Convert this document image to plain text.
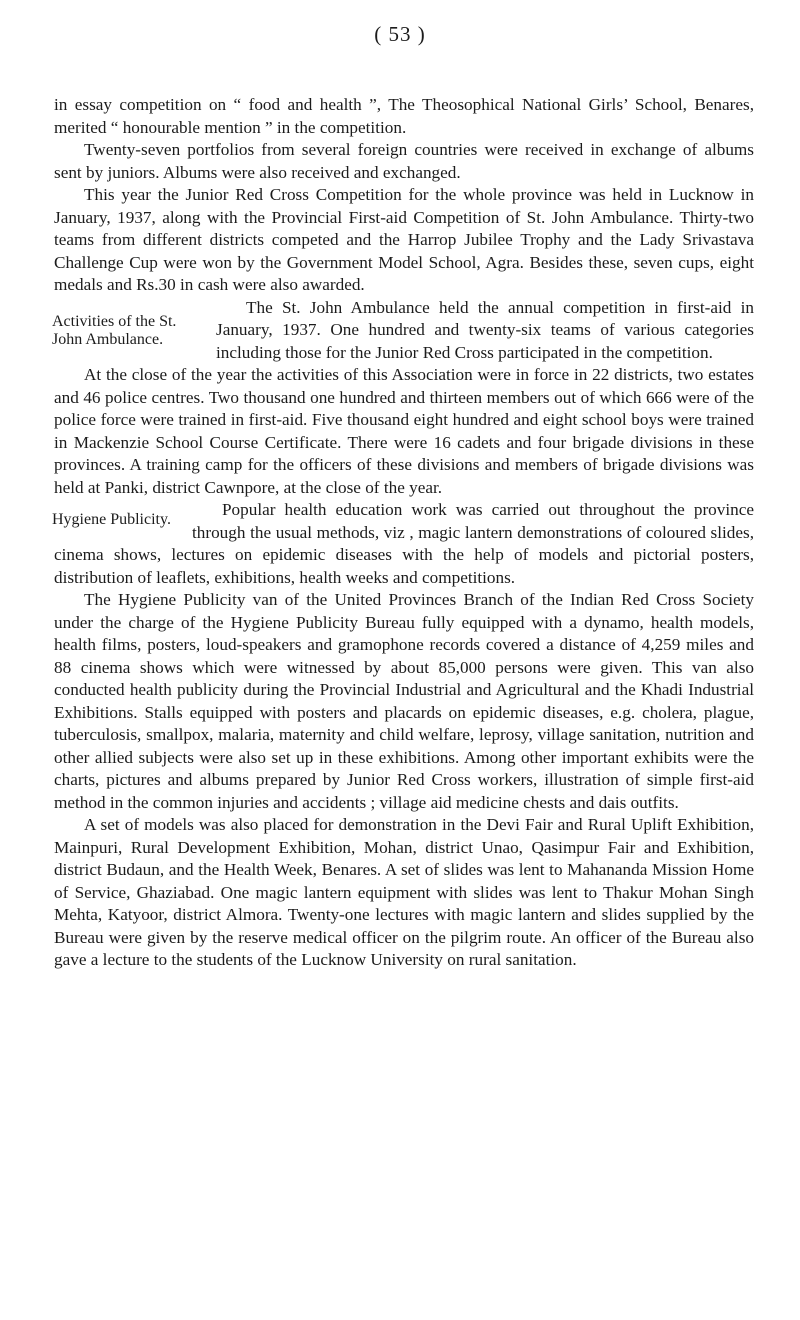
( 53 )

in essay competition on “ food and health ”, The Theosophical National Girls’ School, Benares, merited “ honourable mention ” in the competition.

Twenty-seven portfolios from several foreign countries were received in exchange of albums sent by juniors. Albums were also received and exchanged.

This year the Junior Red Cross Competition for the whole province was held in Lucknow in January, 1937, along with the Provincial First-aid Competition of St. John Ambulance. Thirty-two teams from different districts competed and the Harrop Jubilee Trophy and the Lady Srivastava Challenge Cup were won by the Government Model School, Agra. Besides these, seven cups, eight medals and Rs.30 in cash were also awarded.

Activities of the St. John Ambulance.

The St. John Ambulance held the annual competition in first-aid in January, 1937. One hundred and twenty-six teams of various categories including those for the Junior Red Cross participated in the competition.

At the close of the year the activities of this Association were in force in 22 districts, two estates and 46 police centres. Two thousand one hundred and thirteen members out of which 666 were of the police force were trained in first-aid. Five thousand eight hundred and eight school boys were trained in Mackenzie School Course Certificate. There were 16 cadets and four brigade divisions in these provinces. A training camp for the officers of these divisions and members of brigade divisions was held at Panki, district Cawnpore, at the close of the year.

Hygiene Publicity.

Popular health education work was carried out throughout the province through the usual methods, viz , magic lantern demonstrations of coloured slides, cinema shows, lectures on epidemic diseases with the help of models and pictorial posters, distribution of leaflets, exhibitions, health weeks and competitions.

The Hygiene Publicity van of the United Provinces Branch of the Indian Red Cross Society under the charge of the Hygiene Publicity Bureau fully equipped with a dynamo, health models, health films, posters, loud-speakers and gramophone records covered a distance of 4,259 miles and 88 cinema shows which were witnessed by about 85,000 persons were given. This van also conducted health publicity during the Provincial Industrial and Agricultural and the Khadi Industrial Exhibitions. Stalls equipped with posters and placards on epidemic diseases, e.g. cholera, plague, tuberculosis, smallpox, malaria, maternity and child welfare, leprosy, village sanitation, nutrition and other allied subjects were also set up in these exhibitions. Among other important exhibits were the charts, pictures and albums prepared by Junior Red Cross workers, illustration of simple first-aid method in the common injuries and accidents ; village aid medicine chests and dais outfits.

A set of models was also placed for demonstration in the Devi Fair and Rural Uplift Exhibition, Mainpuri, Rural Development Exhibition, Mohan, district Unao, Qasimpur Fair and Exhibition, district Budaun, and the Health Week, Benares. A set of slides was lent to Mahananda Mission Home of Service, Ghaziabad. One magic lantern equipment with slides was lent to Thakur Mohan Singh Mehta, Katyoor, district Almora. Twenty-one lectures with magic lantern and slides supplied by the Bureau were given by the reserve medical officer on the pilgrim route. An officer of the Bureau also gave a lecture to the students of the Lucknow University on rural sanitation.
